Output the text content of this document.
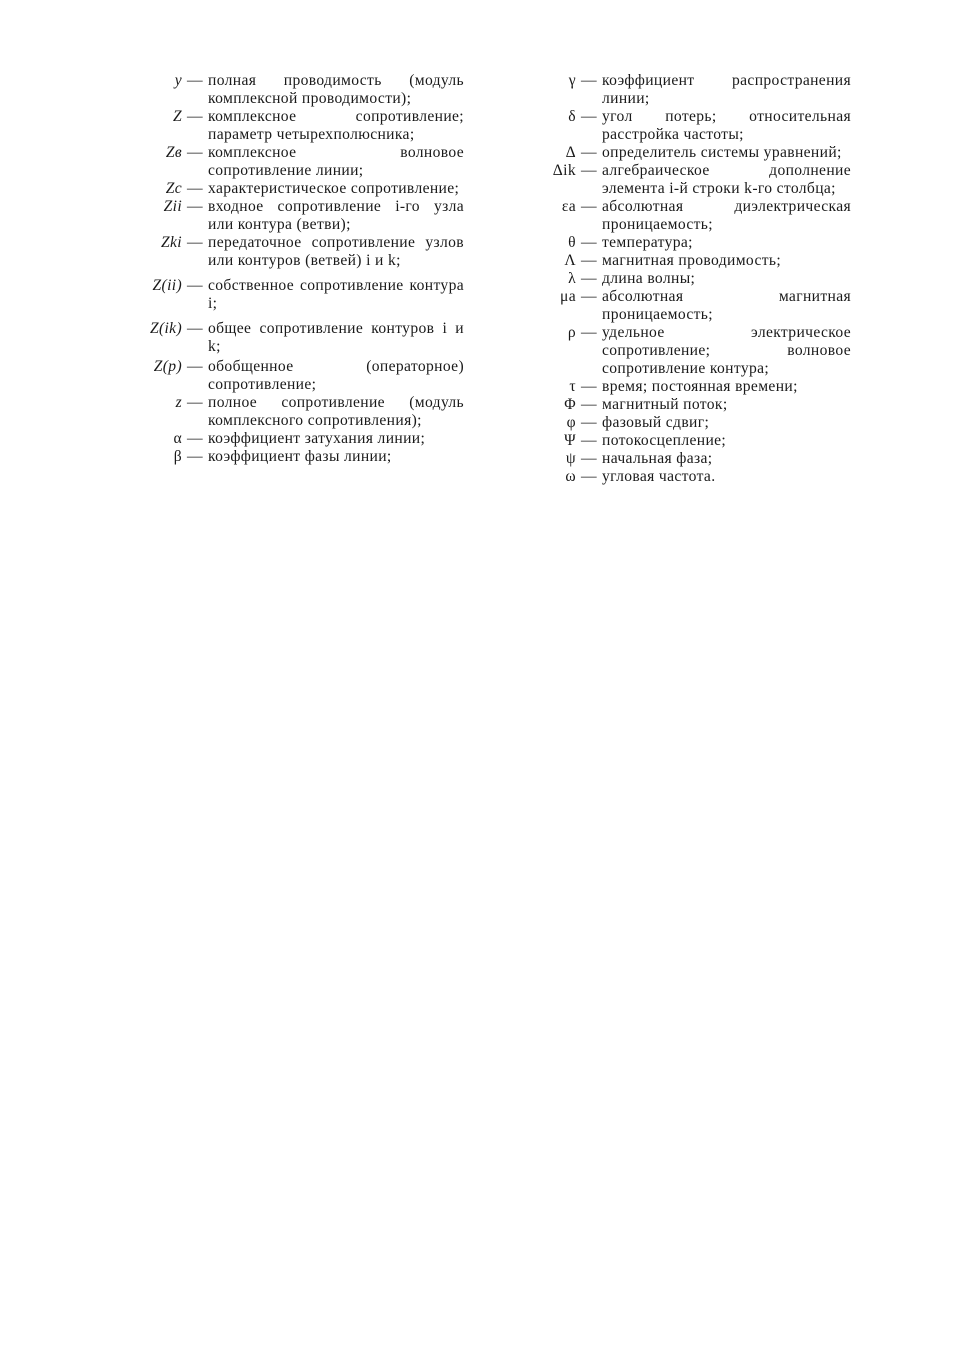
y — полная проводимость (модуль комплексной проводимости);
Z — комплексное сопротивление; параметр четырехполюсника;
Zв — комплексное волновое сопротивление линии;
Zc — характеристическое сопротивление;
Zii — входное сопротивление i-го узла или контура (ветви);
Zki — передаточное сопротивление узлов или контуров (ветвей) i и k;
Z(ii) — собственное сопротивление контура i;
Z(ik) — общее сопротивление контуров i и k;
Z(p) — обобщенное (операторное) сопротивление;
z — полное сопротивление (модуль комплексного сопротивления);
α — коэффициент затухания линии;
β — коэффициент фазы линии;
γ — коэффициент распространения линии;
δ — угол потерь; относительная расстройка частоты;
Δ — определитель системы уравнений;
Δik — алгебраическое дополнение элемента i-й строки k-го столбца;
εa — абсолютная диэлектрическая проницаемость;
θ — температура;
Λ — магнитная проводимость;
λ — длина волны;
μa — абсолютная магнитная проницаемость;
ρ — удельное электрическое сопротивление; волновое сопротивление контура;
τ — время; постоянная времени;
Φ — магнитный поток;
φ — фазовый сдвиг;
Ψ — потокосцепление;
ψ — начальная фаза;
ω — угловая частота.
